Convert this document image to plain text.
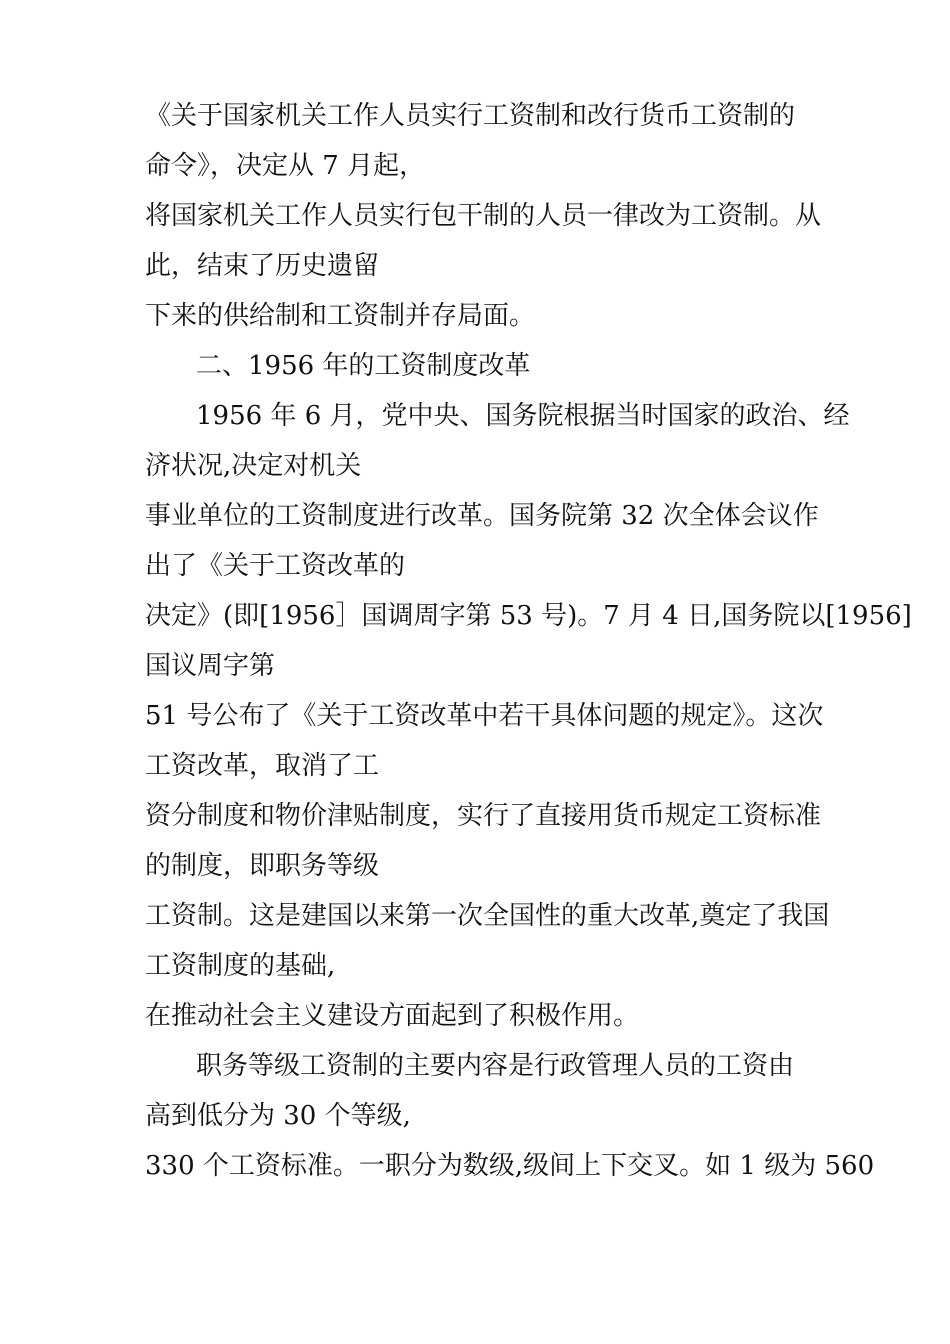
《关于国家机关工作人员实行工资制和改行货币工资制的
命令》，决定从 7 月起，
将国家机关工作人员实行包干制的人员一律改为工资制。从
此，结束了历史遗留
下来的供给制和工资制并存局面。
二、1956 年的工资制度改革
1956 年 6 月，党中央、国务院根据当时国家的政治、经
济状况,决定对机关
事业单位的工资制度进行改革。国务院第 32 次全体会议作
出了《关于工资改革的
决定》(即[1956］国调周字第 53 号)。7 月 4 日,国务院以[1956]
国议周字第
51 号公布了《关于工资改革中若干具体问题的规定》。这次
工资改革，取消了工
资分制度和物价津贴制度，实行了直接用货币规定工资标准
的制度，即职务等级
工资制。这是建国以来第一次全国性的重大改革,奠定了我国
工资制度的基础,
在推动社会主义建设方面起到了积极作用。
职务等级工资制的主要内容是行政管理人员的工资由
高到低分为 30 个等级,
330 个工资标准。一职分为数级,级间上下交叉。如 1 级为 560
